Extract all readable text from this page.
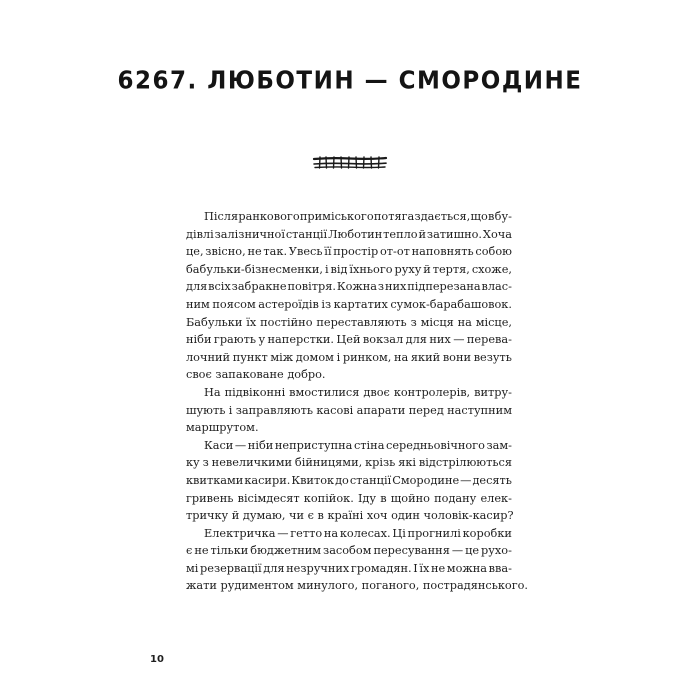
6267. ЛЮБОТИН — СМОРОДИНЕ
Після ранкового приміського потяга здається, що в бу-
дівлі залізничної станції Люботин тепло й затишно. Хоча
це, звісно, не так. Увесь її простір от-от наповнять собою
бабульки-бізнесменки, і від їхнього руху й тертя, схоже,
для всіх забракне повітря. Кожна з них підперезана влас-
ним поясом астероїдів із картатих сумок-барабашовок.
Бабульки їх постійно переставляють з місця на місце,
ніби грають у наперстки. Цей вокзал для них — перева-
лочний пункт між домом і ринком, на який вони везуть
своє запаковане добро.
На підвіконні вмостилися двоє контролерів, витру-
шують і заправляють касові апарати перед наступним
маршрутом.
Каси — ніби неприступна стіна середньовічного зам-
ку з невеличкими бійницями, крізь які відстрілюються
квитками касири. Квиток до станції Смородине — десять
гривень вісімдесят копійок. Іду в щойно подану елек-
тричку й думаю, чи є в країні хоч один чоловік-касир?
Електричка — гетто на колесах. Ці прогнилі коробки
є не тільки бюджетним засобом пересування — це рухо-
мі резервації для незручних громадян. І їх не можна вва-
жати рудиментом минулого, поганого, пострадянського.
10
